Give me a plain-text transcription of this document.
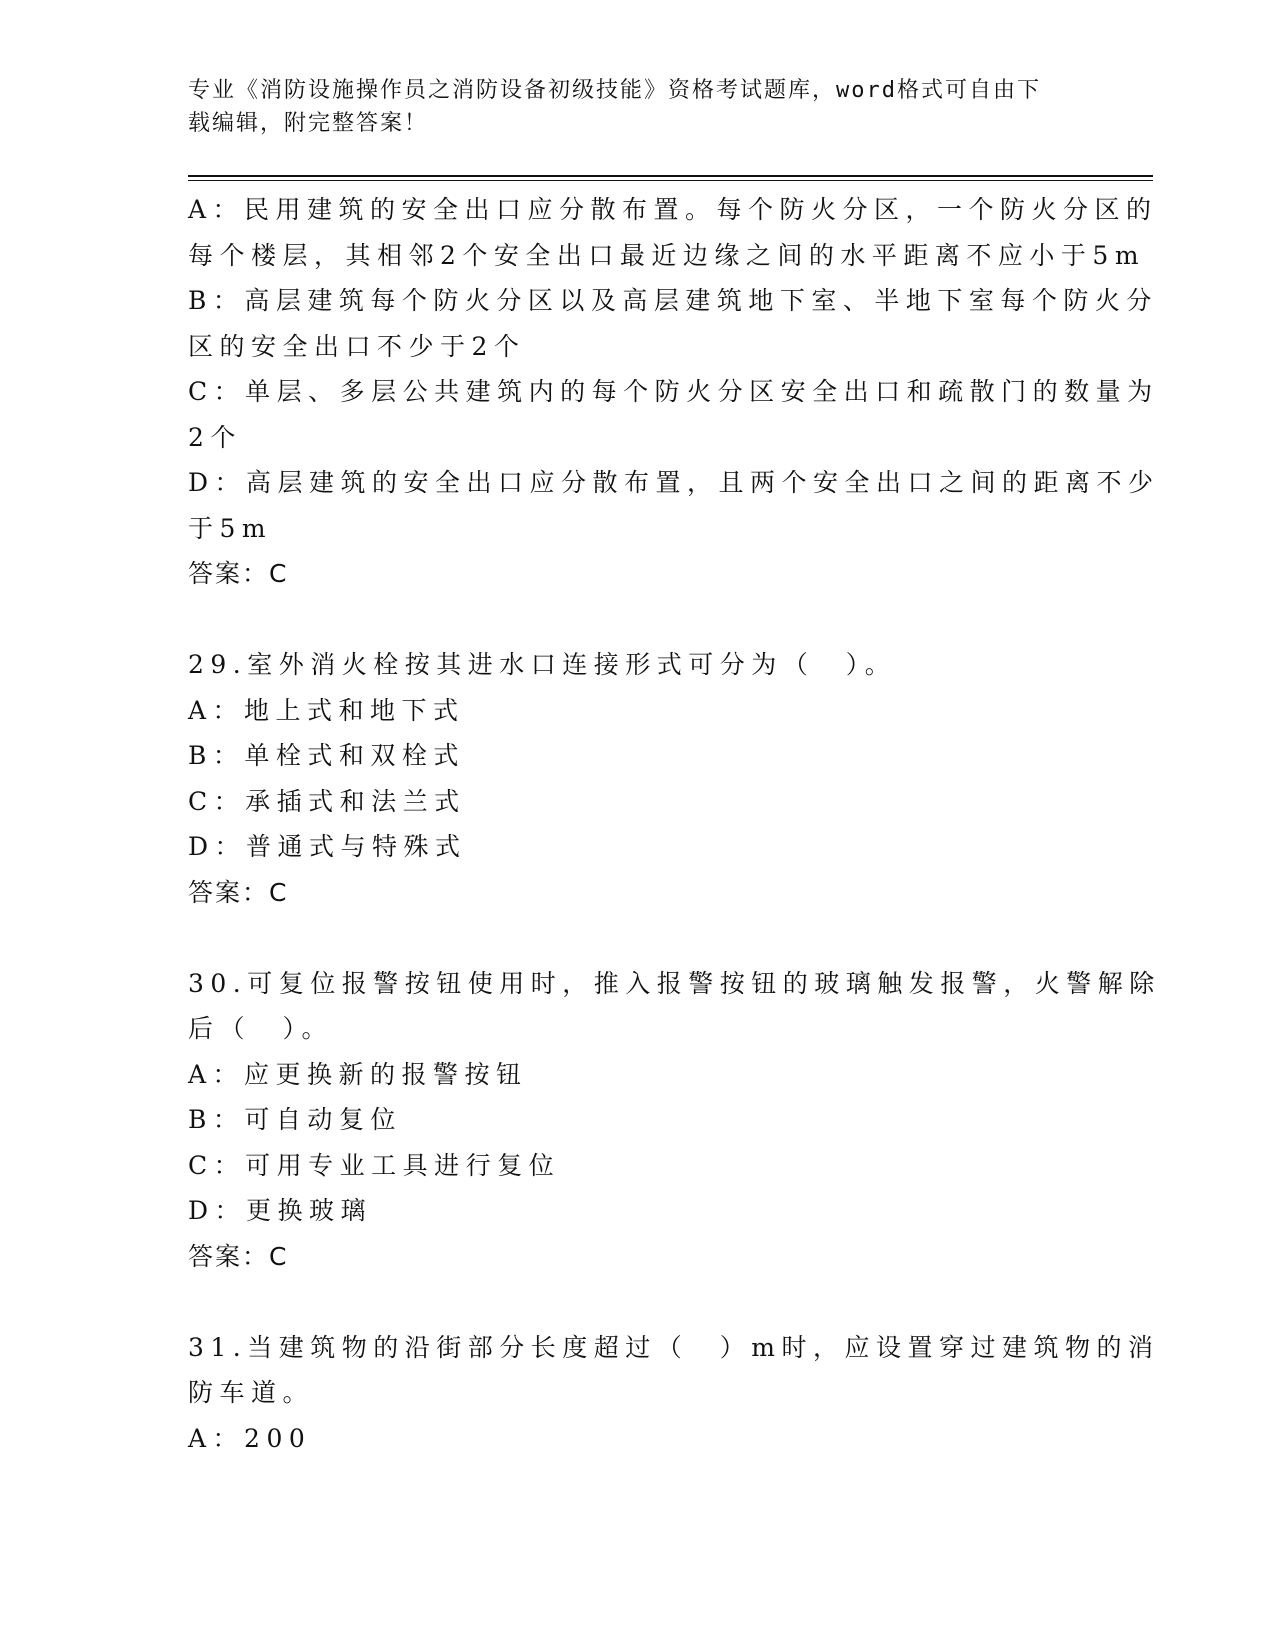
专业《消防设施操作员之消防设备初级技能》资格考试题库，word格式可自由下
载编辑，附完整答案！
A：民用建筑的安全出口应分散布置。每个防火分区，一个防火分区的
每个楼层，其相邻2个安全出口最近边缘之间的水平距离不应小于5m
B：高层建筑每个防火分区以及高层建筑地下室、半地下室每个防火分
区的安全出口不少于2个
C：单层、多层公共建筑内的每个防火分区安全出口和疏散门的数量为
2个
D：高层建筑的安全出口应分散布置，且两个安全出口之间的距离不少
于5m
答案：C
29.室外消火栓按其进水口连接形式可分为（　）。
A：地上式和地下式
B：单栓式和双栓式
C：承插式和法兰式
D：普通式与特殊式
答案：C
30.可复位报警按钮使用时，推入报警按钮的玻璃触发报警，火警解除
后（　）。
A：应更换新的报警按钮
B：可自动复位
C：可用专业工具进行复位
D：更换玻璃
答案：C
31.当建筑物的沿街部分长度超过（　）m时，应设置穿过建筑物的消
防车道。
A：200
